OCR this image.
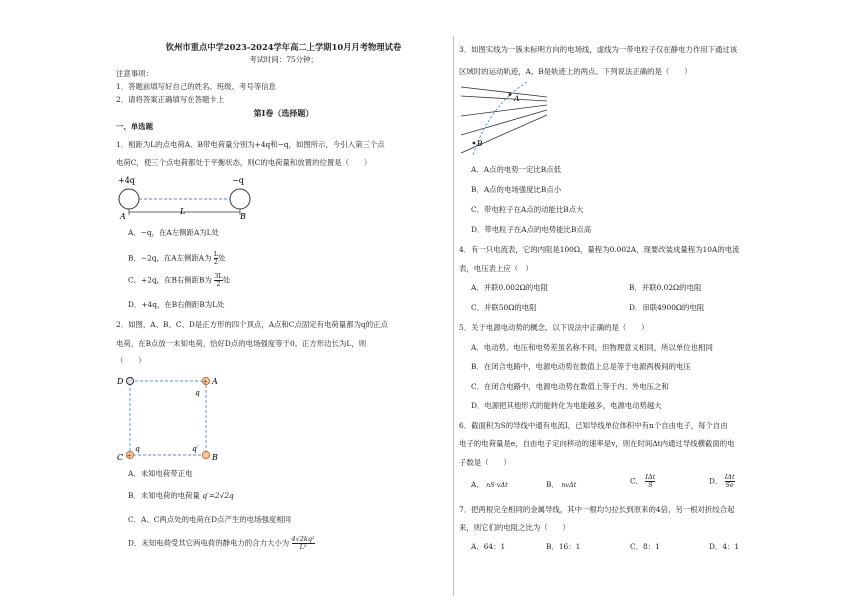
钦州市重点中学2023-2024学年高二上学期10月月考物理试卷
考试时间：75分钟；
注意事项：
1．答题前填写好自己的姓名、班级、考号等信息
2．请将答案正确填写在答题卡上
第I卷（选择题）
一、单选题
1．相距为L的点电荷A、B带电荷量分别为+4q和−q，如图所示，今引入第三个点
电荷C，使三个点电荷都处于平衡状态，则C的电荷量和放置的位置是（　　）
+4q	−q
A
L
B
A．−q，在A左侧距A为L处
B．−2q，在A左侧距A为 $\frac{L}{2}$ 处
C．+2q，在B右侧距B为 $\frac{3L}{2}$ 处
D．+4q，在B右侧距B为L处
2．如图，A、B、C、D是正方形的四个顶点，A点和C点固定有电荷量都为q的正点
电荷，在B点放一未知电荷，恰好D点的电场强度等于0。正方形边长为L，则
（　　）
D	+ A
q
+
C
q
B
q′
A．未知电荷带正电
B．未知电荷的电荷量 q′=2√2q
C．A、C两点处的电荷在D点产生的电场强度相同
D．未知电荷受其它两电荷的静电力的合力大小为 $\frac{\text{4√2kq²}}{\text{L²}}$
3．如图实线为一簇未标明方向的电场线，虚线为一带电粒子仅在静电力作用下通过该
区域时的运动轨迹，A、B是轨迹上的两点。下列说法正确的是（　　）
A
B
A．A点的电势一定比B点低
B．A点的电场强度比B点小
C．带电粒子在A点的动能比B点大
D．带电粒子在A点的电势能比B点高
4．有一只电流表，它的内阻是100Ω，量程为0.002A，现要改装成量程为10A的电流
表，电压表上应（　）
A．并联0.002Ω的电阻	B．并联0.02Ω的电阻
C．并联50Ω的电阻	D．串联4900Ω的电阻
5．关于电源电动势的概念，以下说法中正确的是（　　）
A．电动势、电压和电势差虽名称不同，但物理意义相同，所以单位也相同
B．在闭合电路中，电源电动势在数值上总是等于电源两极间的电压
C．在闭合电路中，电源电动势在数值上等于内、外电压之和
D．电源把其他形式的能转化为电能越多，电源电动势越大
6．截面积为S的导线中通有电流I，已知导线单位体积中有n个自由电子，每个自由
电子的电荷量是e，自由电子定向移动的速率是v，则在时间Δt内通过导线横截面的电
子数是（　　）
A． nS·vΔt	B． nvΔt	C． IΔt
S	D． IΔt
Se
7．把两根完全相同的金属导线，其中一根均匀拉长到原来的4倍，另一根对折绞合起
来，则它们的电阻之比为（　　）
A．64：1	B．16：1	C．8：1	D．4：1
